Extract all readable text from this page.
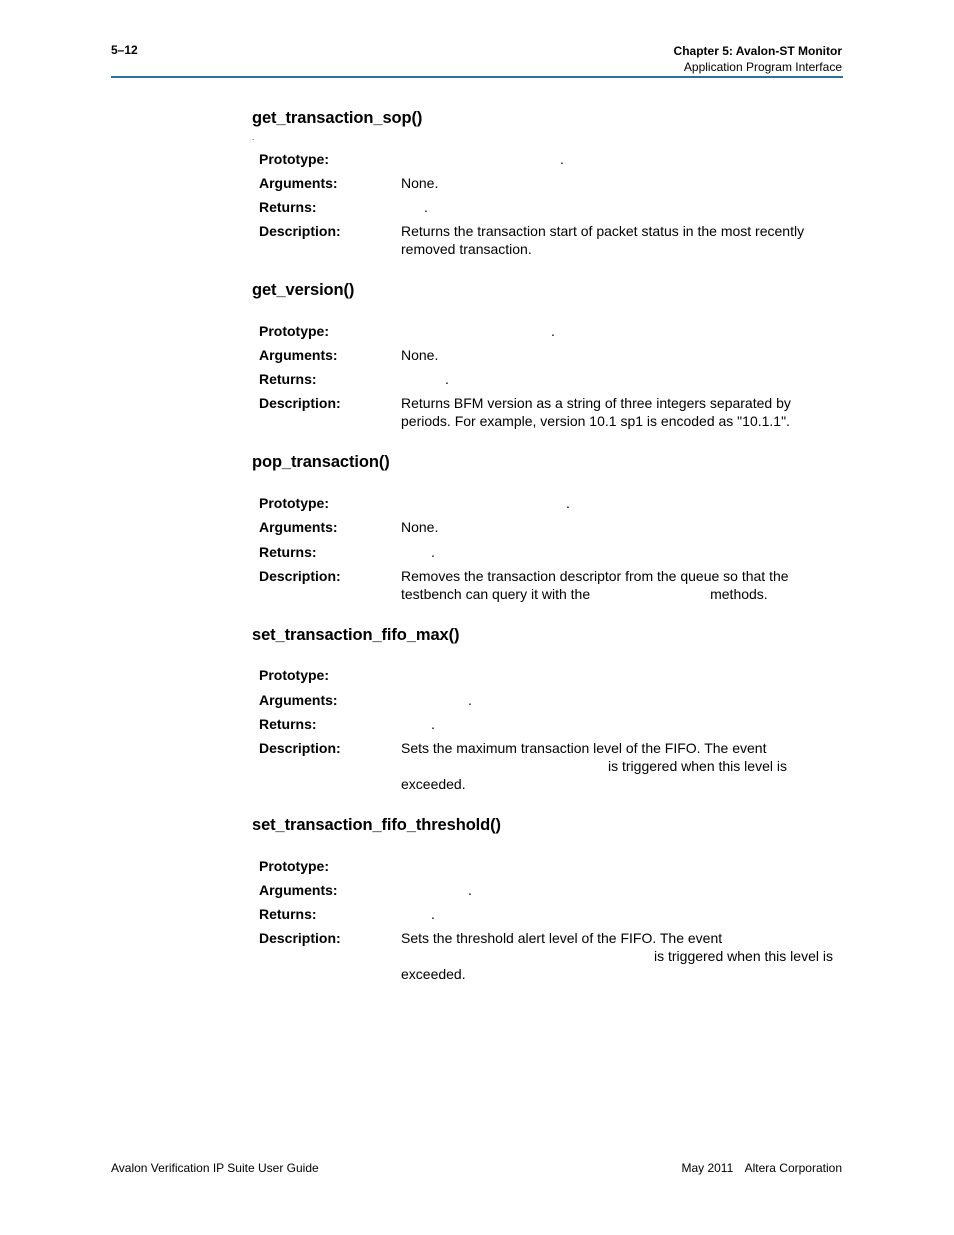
5–12	Chapter 5: Avalon-ST Monitor
Application Program Interface
.
get_transaction_sop()
Prototype:	.
Arguments:	None.
Returns:	.
Description:	Returns the transaction start of packet status in the most recently removed transaction.
get_version()
Prototype:	.
Arguments:	None.
Returns:	.
Description:	Returns BFM version as a string of three integers separated by periods. For example, version 10.1 sp1 is encoded as "10.1.1".
pop_transaction()
Prototype:	.
Arguments:	None.
Returns:	.
Description:	Removes the transaction descriptor from the queue so that the testbench can query it with the	methods.
set_transaction_fifo_max()
Prototype:
Arguments:	.
Returns:	.
Description:	Sets the maximum transaction level of the FIFO. The event
is triggered when this level is
exceeded.
set_transaction_fifo_threshold()
Prototype:
Arguments:	.
Returns:	.
Description:	Sets the threshold alert level of the FIFO. The event
is triggered when this level is
exceeded.
Avalon Verification IP Suite User Guide	May 2011 Altera Corporation
